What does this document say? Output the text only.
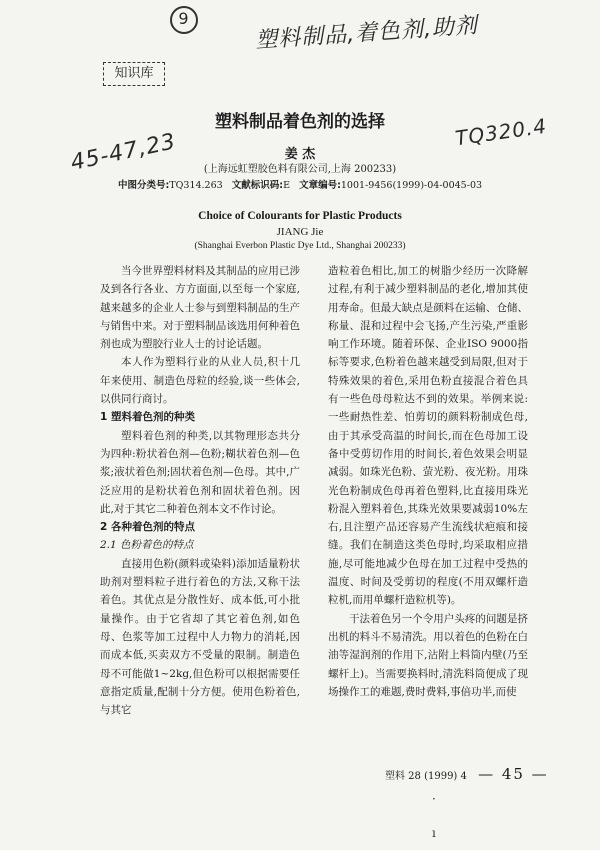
9	塑料制品,着色剂,助剂
知识库
塑料制品着色剂的选择
45-47,23	TQ320.4
姜 杰
(上海远虹塑胶色料有限公司,上海 200233)
中图分类号:TQ314.263 文献标识码:E 文章编号:1001-9456(1999)-04-0045-03
Choice of Colourants for Plastic Products
JIANG Jie
(Shanghai Everbon Plastic Dye Ltd., Shanghai 200233)

当今世界塑料材料及其制品的应用已涉及到各行各业、方方面面,以至每一个家庭,越来越多的企业人士参与到塑料制品的生产与销售中来。对于塑料制品该选用何种着色剂也成为塑胶行业人士的讨论话题。

本人作为塑料行业的从业人员,积十几年来使用、制造色母粒的经验,谈一些体会,以供同行商讨。

1 塑料着色剂的种类

塑料着色剂的种类,以其物理形态共分为四种:粉状着色剂—色粉;糊状着色剂—色浆;液状着色剂;固状着色剂—色母。其中,广泛应用的是粉状着色剂和固状着色剂。因此,对于其它二种着色剂本文不作讨论。

2 各种着色剂的特点

2.1 色粉着色的特点

直接用色粉(颜料或染料)添加适量粉状助剂对塑料粒子进行着色的方法,又称干法着色。其优点是分散性好、成本低,可小批量操作。由于它省却了其它着色剂,如色母、色浆等加工过程中人力物力的消耗,因而成本低,买卖双方不受量的限制。制造色母不可能做1~2kg,但色粉可以根据需要任意指定质量,配制十分方便。使用色粉着色,与其它

造粒着色相比,加工的树脂少经历一次降解过程,有利于减少塑料制品的老化,增加其使用寿命。但最大缺点是颜料在运输、仓储、称量、混和过程中会飞扬,产生污染,严重影响工作环境。随着环保、企业ISO 9000指标等要求,色粉着色越来越受到局限,但对于特殊效果的着色,采用色粉直接混合着色具有一些色母母粒达不到的效果。举例来说:一些耐热性差、怕剪切的颜料粉制成色母,由于其承受高温的时间长,而在色母加工设备中受剪切作用的时间长,着色效果会明显减弱。如珠光色粉、萤光粉、夜光粉。用珠光色粉制成色母再着色塑料,比直接用珠光粉混入塑料着色,其珠光效果要减弱10%左右,且注塑产品还容易产生流线状疤痕和接缝。我们在制造这类色母时,均采取相应措施,尽可能地减少色母在加工过程中受热的温度、时间及受剪切的程度(不用双螺杆造粒机,而用单螺杆造粒机等)。

干法着色另一个令用户头疼的问题是挤出机的料斗不易清洗。用以着色的色粉在白油等湿润剂的作用下,沾附上料筒内壁(乃至螺杆上)。当需要换料时,清洗料筒便成了现场操作工的难题,费时费料,事倍功半,而使

塑料 28 (1999) 4 — 45 —
·
ı
